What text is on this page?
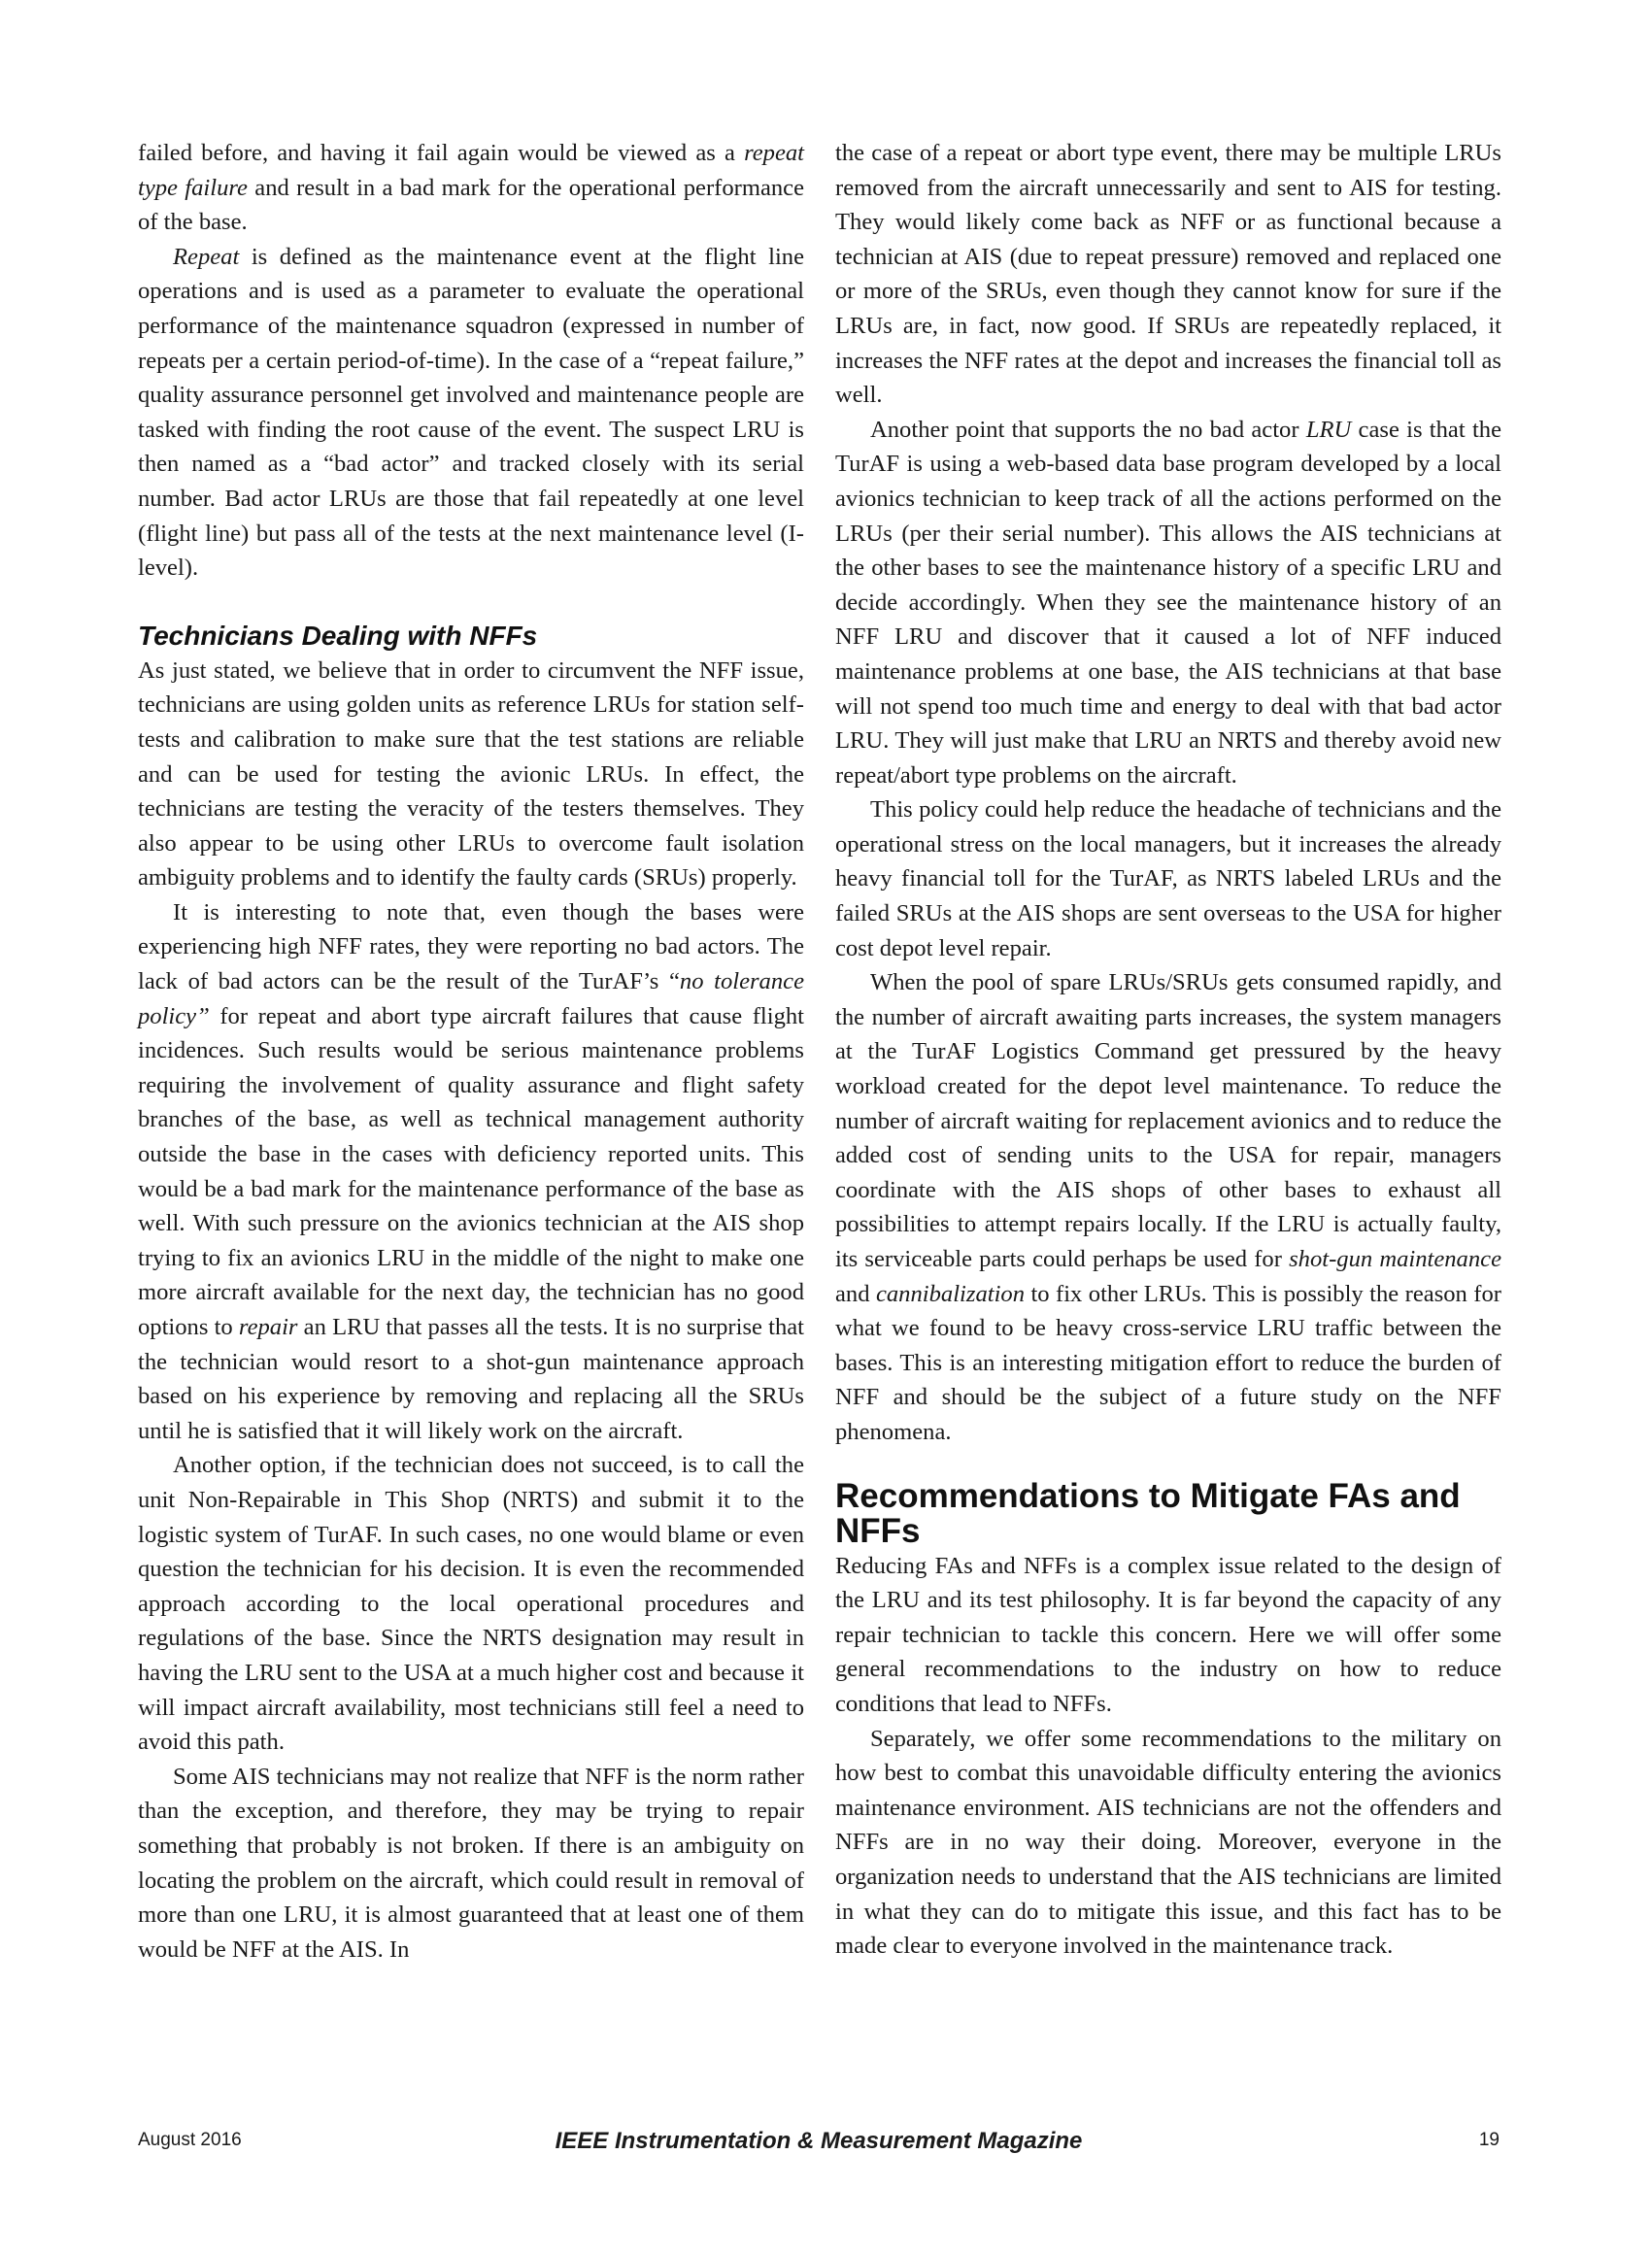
failed before, and having it fail again would be viewed as a repeat type failure and result in a bad mark for the operational performance of the base.

Repeat is defined as the maintenance event at the flight line operations and is used as a parameter to evaluate the operational performance of the maintenance squadron (expressed in number of repeats per a certain period-of-time). In the case of a “repeat failure,” quality assurance personnel get involved and maintenance people are tasked with finding the root cause of the event. The suspect LRU is then named as a “bad actor” and tracked closely with its serial number. Bad actor LRUs are those that fail repeatedly at one level (flight line) but pass all of the tests at the next maintenance level (I-level).

Technicians Dealing with NFFs

As just stated, we believe that in order to circumvent the NFF issue, technicians are using golden units as reference LRUs for station self-tests and calibration to make sure that the test stations are reliable and can be used for testing the avionic LRUs. In effect, the technicians are testing the veracity of the testers themselves. They also appear to be using other LRUs to overcome fault isolation ambiguity problems and to identify the faulty cards (SRUs) properly.

It is interesting to note that, even though the bases were experiencing high NFF rates, they were reporting no bad actors. The lack of bad actors can be the result of the TurAF’s “no tolerance policy” for repeat and abort type aircraft failures that cause flight incidences. Such results would be serious maintenance problems requiring the involvement of quality assurance and flight safety branches of the base, as well as technical management authority outside the base in the cases with deficiency reported units. This would be a bad mark for the maintenance performance of the base as well. With such pressure on the avionics technician at the AIS shop trying to fix an avionics LRU in the middle of the night to make one more aircraft available for the next day, the technician has no good options to repair an LRU that passes all the tests. It is no surprise that the technician would resort to a shot-gun maintenance approach based on his experience by removing and replacing all the SRUs until he is satisfied that it will likely work on the aircraft.

Another option, if the technician does not succeed, is to call the unit Non-Repairable in This Shop (NRTS) and submit it to the logistic system of TurAF. In such cases, no one would blame or even question the technician for his decision. It is even the recommended approach according to the local operational procedures and regulations of the base. Since the NRTS designation may result in having the LRU sent to the USA at a much higher cost and because it will impact aircraft availability, most technicians still feel a need to avoid this path.

Some AIS technicians may not realize that NFF is the norm rather than the exception, and therefore, they may be trying to repair something that probably is not broken. If there is an ambiguity on locating the problem on the aircraft, which could result in removal of more than one LRU, it is almost guaranteed that at least one of them would be NFF at the AIS. In

the case of a repeat or abort type event, there may be multiple LRUs removed from the aircraft unnecessarily and sent to AIS for testing. They would likely come back as NFF or as functional because a technician at AIS (due to repeat pressure) removed and replaced one or more of the SRUs, even though they cannot know for sure if the LRUs are, in fact, now good. If SRUs are repeatedly replaced, it increases the NFF rates at the depot and increases the financial toll as well.

Another point that supports the no bad actor LRU case is that the TurAF is using a web-based data base program developed by a local avionics technician to keep track of all the actions performed on the LRUs (per their serial number). This allows the AIS technicians at the other bases to see the maintenance history of a specific LRU and decide accordingly. When they see the maintenance history of an NFF LRU and discover that it caused a lot of NFF induced maintenance problems at one base, the AIS technicians at that base will not spend too much time and energy to deal with that bad actor LRU. They will just make that LRU an NRTS and thereby avoid new repeat/abort type problems on the aircraft.

This policy could help reduce the headache of technicians and the operational stress on the local managers, but it increases the already heavy financial toll for the TurAF, as NRTS labeled LRUs and the failed SRUs at the AIS shops are sent overseas to the USA for higher cost depot level repair.

When the pool of spare LRUs/SRUs gets consumed rapidly, and the number of aircraft awaiting parts increases, the system managers at the TurAF Logistics Command get pressured by the heavy workload created for the depot level maintenance. To reduce the number of aircraft waiting for replacement avionics and to reduce the added cost of sending units to the USA for repair, managers coordinate with the AIS shops of other bases to exhaust all possibilities to attempt repairs locally. If the LRU is actually faulty, its serviceable parts could perhaps be used for shot-gun maintenance and cannibalization to fix other LRUs. This is possibly the reason for what we found to be heavy cross-service LRU traffic between the bases. This is an interesting mitigation effort to reduce the burden of NFF and should be the subject of a future study on the NFF phenomena.

Recommendations to Mitigate FAs and NFFs

Reducing FAs and NFFs is a complex issue related to the design of the LRU and its test philosophy. It is far beyond the capacity of any repair technician to tackle this concern. Here we will offer some general recommendations to the industry on how to reduce conditions that lead to NFFs.

Separately, we offer some recommendations to the military on how best to combat this unavoidable difficulty entering the avionics maintenance environment. AIS technicians are not the offenders and NFFs are in no way their doing. Moreover, everyone in the organization needs to understand that the AIS technicians are limited in what they can do to mitigate this issue, and this fact has to be made clear to everyone involved in the maintenance track.

August 2016	IEEE Instrumentation & Measurement Magazine	19
